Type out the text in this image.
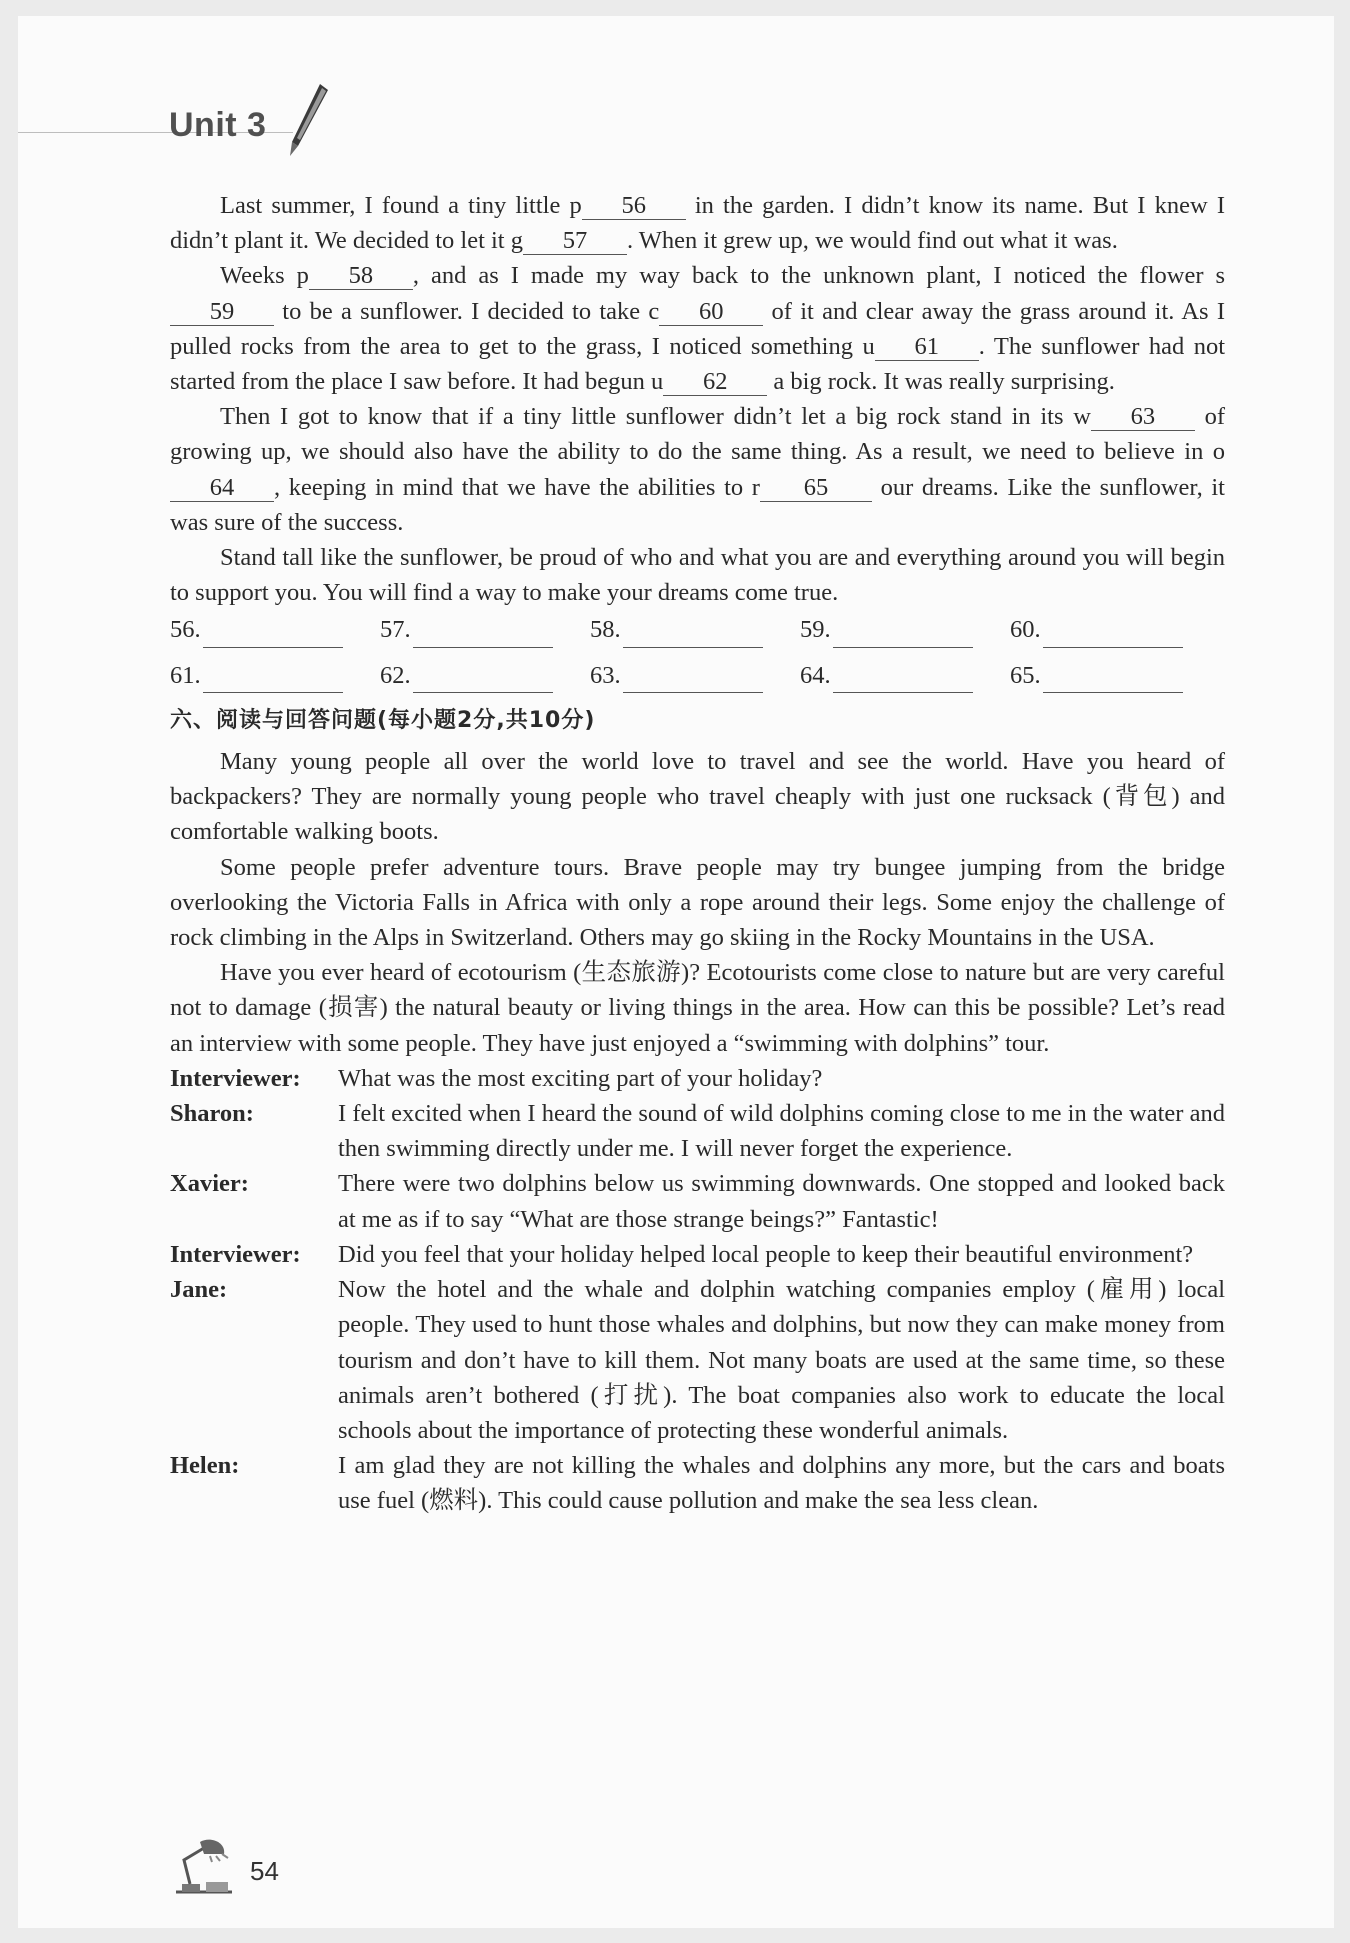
Unit 3

Last summer, I found a tiny little p 56 in the garden. I didn’t know its name. But I knew I didn’t plant it. We decided to let it g 57 . When it grew up, we would find out what it was.

Weeks p 58 , and as I made my way back to the unknown plant, I noticed the flower s59 to be a sunflower. I decided to take c 60 of it and clear away the grass around it. As I pulled rocks from the area to get to the grass, I noticed something u 61 . The sunflower had not started from the place I saw before. It had begun u 62 a big rock. It was really surprising.

Then I got to know that if a tiny little sunflower didn’t let a big rock stand in its w 63 of growing up, we should also have the ability to do the same thing. As a result, we need to believe in o64 , keeping in mind that we have the abilities to r 65 our dreams. Like the sunflower, it was sure of the success.

Stand tall like the sunflower, be proud of who and what you are and everything around you will begin to support you. You will find a way to make your dreams come true.

56.	57.	58.	59.	60.
61.	62.	63.	64.	65.
六、阅读与回答问题(每小题2分,共10分)

Many young people all over the world love to travel and see the world. Have you heard of backpackers? They are normally young people who travel cheaply with just one rucksack (背包) and comfortable walking boots.

Some people prefer adventure tours. Brave people may try bungee jumping from the bridge overlooking the Victoria Falls in Africa with only a rope around their legs. Some enjoy the challenge of rock climbing in the Alps in Switzerland. Others may go skiing in the Rocky Mountains in the USA.

Have you ever heard of ecotourism (生态旅游)? Ecotourists come close to nature but are very careful not to damage (损害) the natural beauty or living things in the area. How can this be possible? Let’s read an interview with some people. They have just enjoyed a “swimming with dolphins” tour.

Interviewer:	What was the most exciting part of your holiday?
Sharon:	I felt excited when I heard the sound of wild dolphins coming close to me in the water and then swimming directly under me. I will never forget the experience.
Xavier:	There were two dolphins below us swimming downwards. One stopped and looked back at me as if to say “What are those strange beings?” Fantastic!
Interviewer:	Did you feel that your holiday helped local people to keep their beautiful environment?
Jane:	Now the hotel and the whale and dolphin watching companies employ (雇用) local people. They used to hunt those whales and dolphins, but now they can make money from tourism and don’t have to kill them. Not many boats are used at the same time, so these animals aren’t bothered (打扰). The boat companies also work to educate the local schools about the importance of protecting these wonderful animals.
Helen:	I am glad they are not killing the whales and dolphins any more, but the cars and boats use fuel (燃料). This could cause pollution and make the sea less clean.
54
